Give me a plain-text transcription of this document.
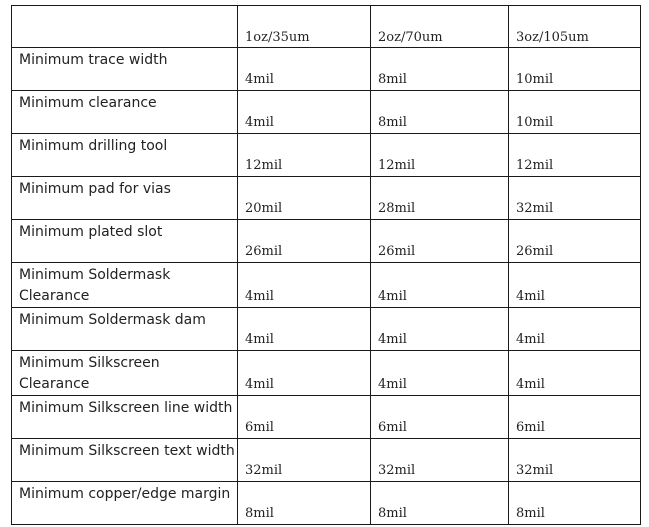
	1oz/35um	2oz/70um	3oz/105um

Minimum trace width	4mil	8mil	10mil

Minimum clearance	4mil	8mil	10mil

Minimum drilling tool	12mil	12mil	12mil

Minimum pad for vias	20mil	28mil	32mil

Minimum plated slot	26mil	26mil	26mil

Minimum Soldermask
Clearance	4mil	4mil	4mil

Minimum Soldermask dam	4mil	4mil	4mil

Minimum Silkscreen
Clearance	4mil	4mil	4mil

Minimum Silkscreen line width	6mil	6mil	6mil

Minimum Silkscreen text width	32mil	32mil	32mil

Minimum copper/edge margin	8mil	8mil	8mil
